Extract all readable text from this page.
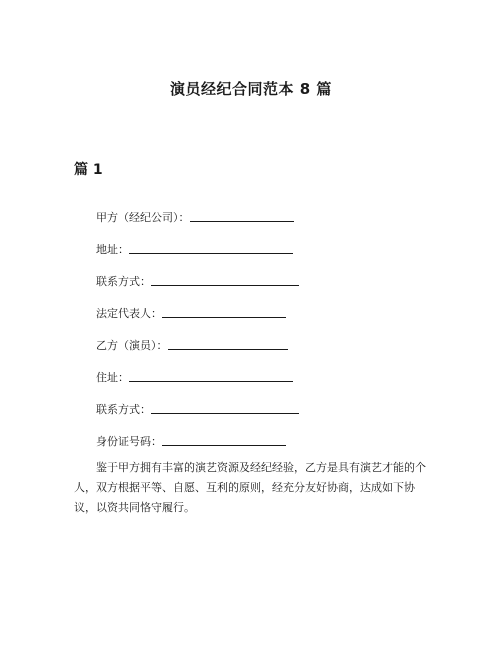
演员经纪合同范本 8 篇
篇 1
甲方（经纪公司）：
地址：
联系方式：
法定代表人：
乙方（演员）：
住址：
联系方式：
身份证号码：

鉴于甲方拥有丰富的演艺资源及经纪经验，乙方是具有演艺才能的个人，双方根据平等、自愿、互利的原则，经充分友好协商，达成如下协议，以资共同恪守履行。
